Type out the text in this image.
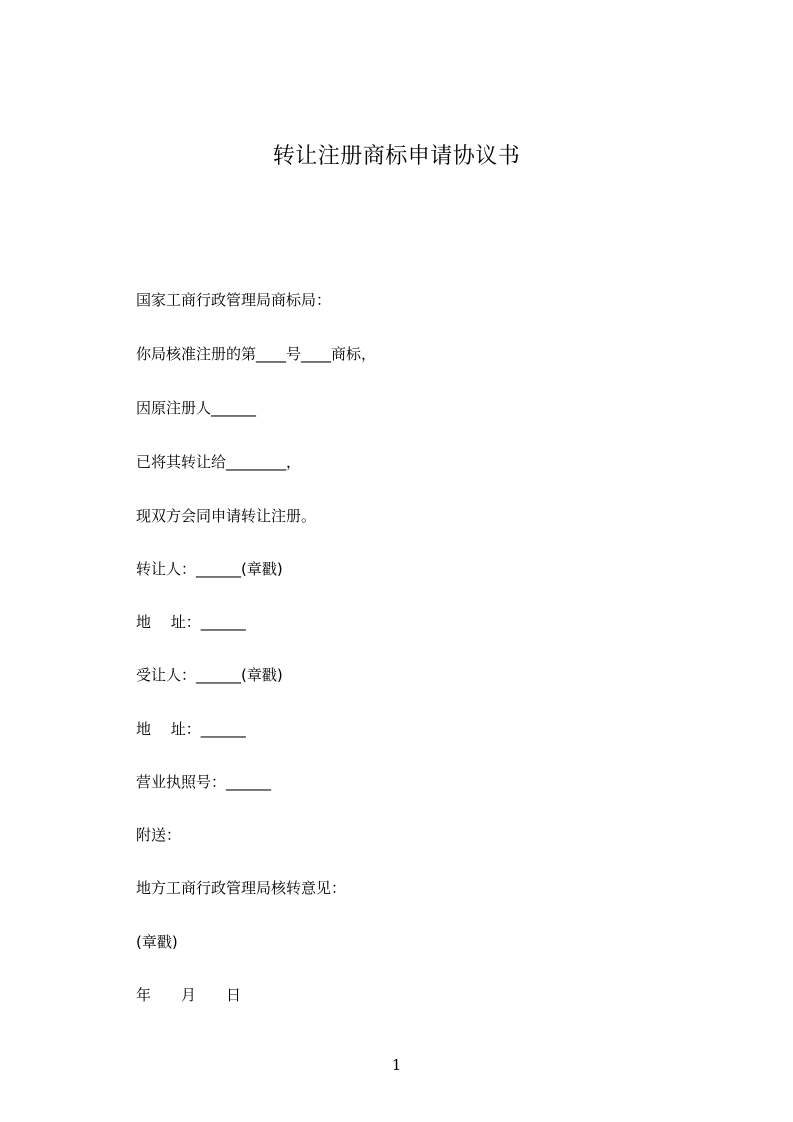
转让注册商标申请协议书
国家工商行政管理局商标局：
你局核准注册的第____号____商标，
因原注册人______
已将其转让给________，
现双方会同申请转让注册。
转让人：______(章戳)
地　 址：______
受让人：______(章戳)
地　 址：______
营业执照号：______
附送：
地方工商行政管理局核转意见：
(章戳)
年　　月　　日
1
